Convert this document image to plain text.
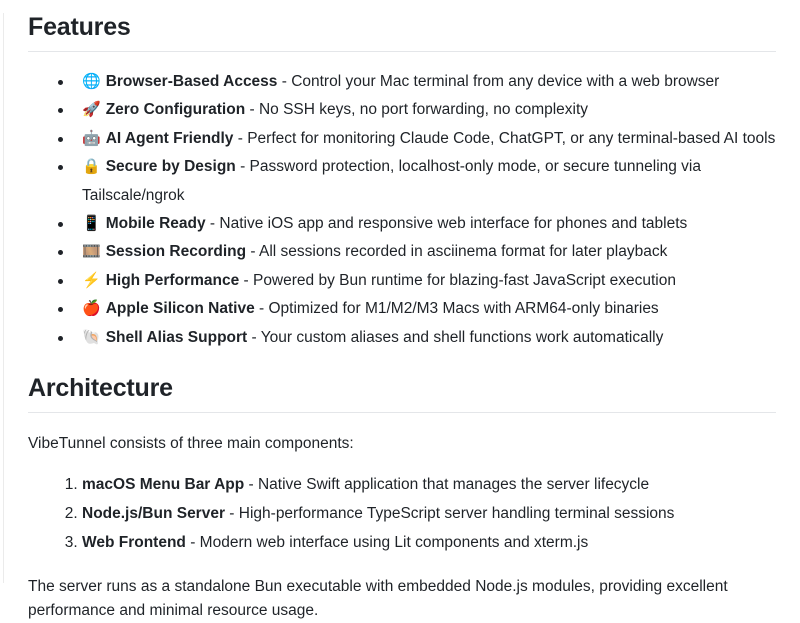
Features
🌐 Browser-Based Access - Control your Mac terminal from any device with a web browser
🚀 Zero Configuration - No SSH keys, no port forwarding, no complexity
🤖 AI Agent Friendly - Perfect for monitoring Claude Code, ChatGPT, or any terminal-based AI tools
🔒 Secure by Design - Password protection, localhost-only mode, or secure tunneling via Tailscale/ngrok
📱 Mobile Ready - Native iOS app and responsive web interface for phones and tablets
🎞️ Session Recording - All sessions recorded in asciinema format for later playback
⚡ High Performance - Powered by Bun runtime for blazing-fast JavaScript execution
🍎 Apple Silicon Native - Optimized for M1/M2/M3 Macs with ARM64-only binaries
🐚 Shell Alias Support - Your custom aliases and shell functions work automatically
Architecture

VibeTunnel consists of three main components:

1. macOS Menu Bar App - Native Swift application that manages the server lifecycle
2. Node.js/Bun Server - High-performance TypeScript server handling terminal sessions
3. Web Frontend - Modern web interface using Lit components and xterm.js

The server runs as a standalone Bun executable with embedded Node.js modules, providing excellent performance and minimal resource usage.
